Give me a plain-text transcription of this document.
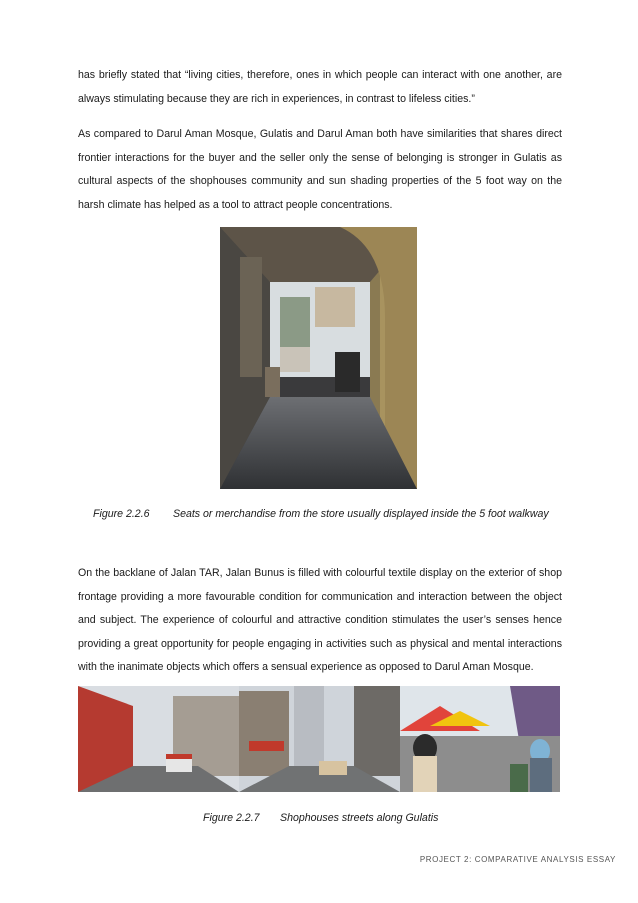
has briefly stated that “living cities, therefore, ones in which people can interact with one another, are always stimulating because they are rich in experiences, in contrast to lifeless cities.”

As compared to Darul Aman Mosque, Gulatis and Darul Aman both have similarities that shares direct frontier interactions for the buyer and the seller only the sense of belonging is stronger in Gulatis as cultural aspects of the shophouses community and sun shading properties of the 5 foot way on the harsh climate has helped as a tool to attract people concentrations.

Figure 2.2.6 Seats or merchandise from the store usually displayed inside the 5 foot walkway

On the backlane of Jalan TAR, Jalan Bunus is filled with colourful textile display on the exterior of shop frontage providing a more favourable condition for communication and interaction between the object and subject. The experience of colourful and attractive condition stimulates the user’s senses hence providing a great opportunity for people engaging in activities such as physical and mental interactions with the inanimate objects which offers a sensual experience as opposed to Darul Aman Mosque.

Figure 2.2.7 Shophouses streets along Gulatis
PROJECT 2: COMPARATIVE ANALYSIS ESSAY
